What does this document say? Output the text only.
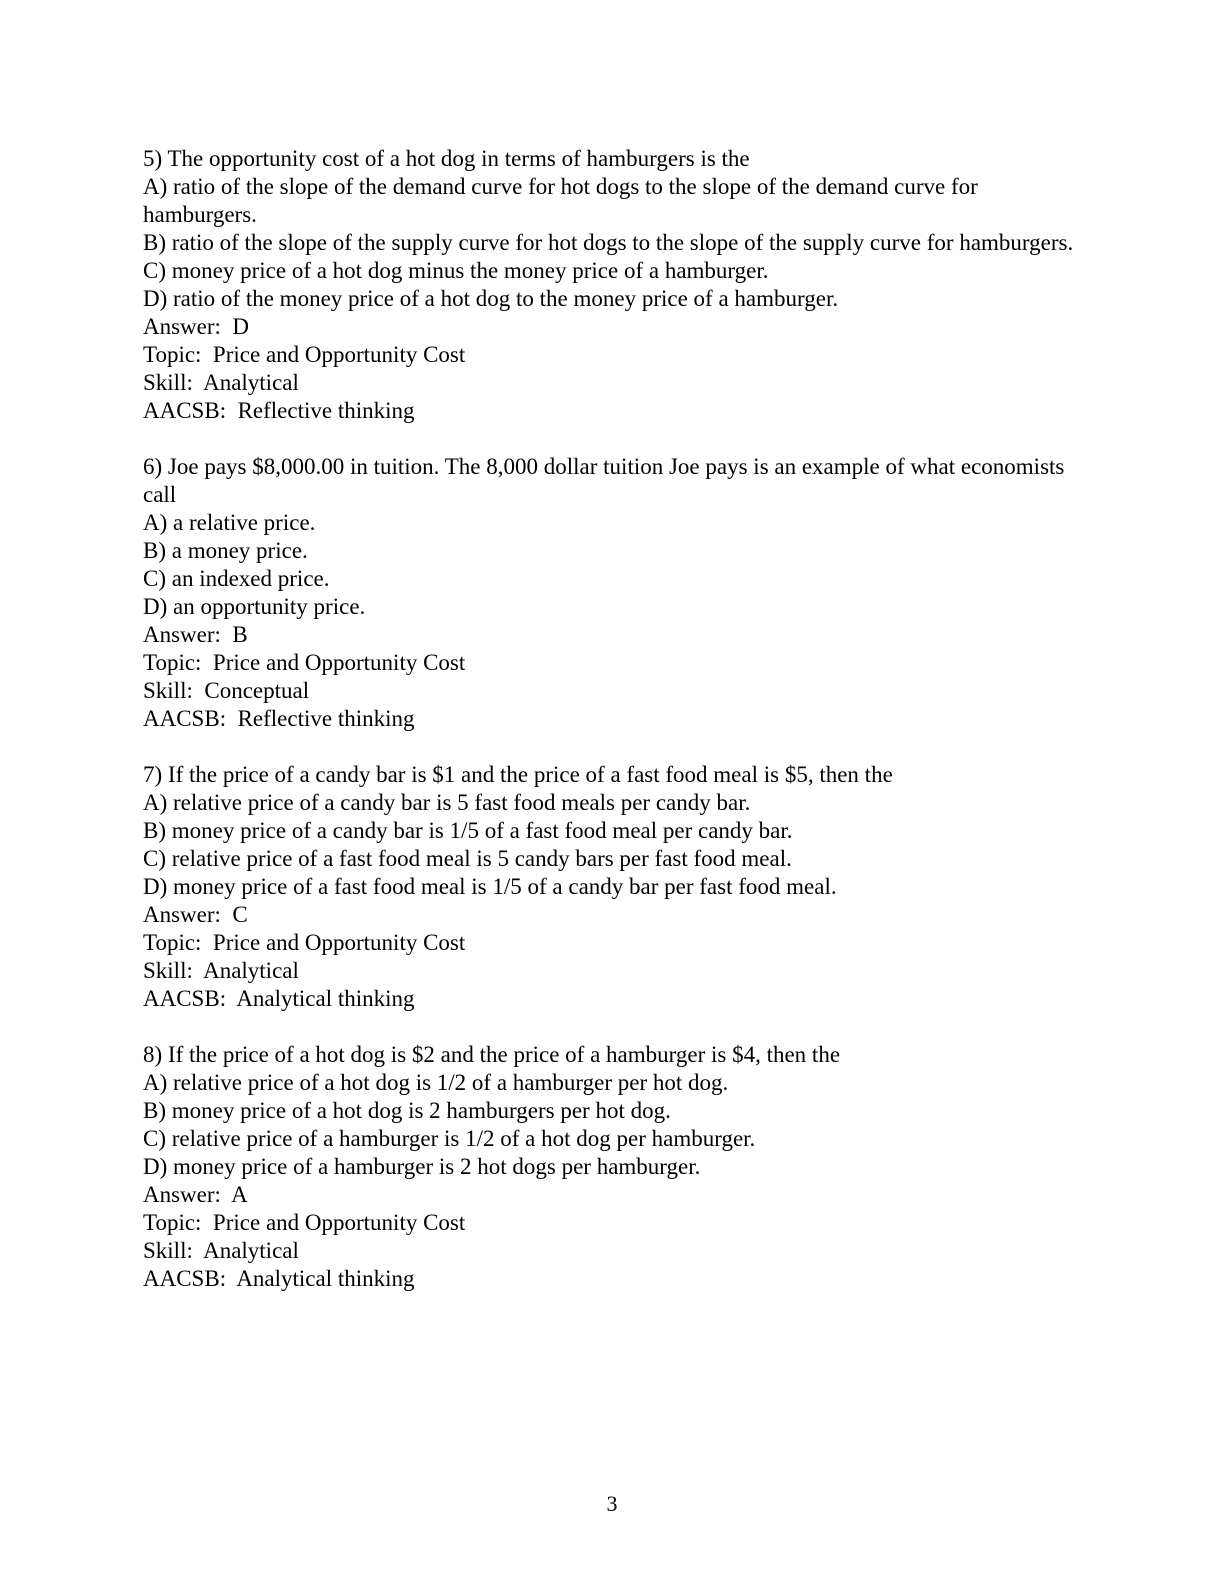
5) The opportunity cost of a hot dog in terms of hamburgers is the

A) ratio of the slope of the demand curve for hot dogs to the slope of the demand curve for hamburgers.

B) ratio of the slope of the supply curve for hot dogs to the slope of the supply curve for hamburgers.

C) money price of a hot dog minus the money price of a hamburger.

D) ratio of the money price of a hot dog to the money price of a hamburger.

Answer:  D

Topic:  Price and Opportunity Cost

Skill:  Analytical

AACSB:  Reflective thinking

6) Joe pays $8,000.00 in tuition. The 8,000 dollar tuition Joe pays is an example of what economists call

A) a relative price.

B) a money price.

C) an indexed price.

D) an opportunity price.

Answer:  B

Topic:  Price and Opportunity Cost

Skill:  Conceptual

AACSB:  Reflective thinking

7) If the price of a candy bar is $1 and the price of a fast food meal is $5, then the

A) relative price of a candy bar is 5 fast food meals per candy bar.

B) money price of a candy bar is 1/5 of a fast food meal per candy bar.

C) relative price of a fast food meal is 5 candy bars per fast food meal.

D) money price of a fast food meal is 1/5 of a candy bar per fast food meal.

Answer:  C

Topic:  Price and Opportunity Cost

Skill:  Analytical

AACSB:  Analytical thinking

8) If the price of a hot dog is $2 and the price of a hamburger is $4, then the

A) relative price of a hot dog is 1/2 of a hamburger per hot dog.

B) money price of a hot dog is 2 hamburgers per hot dog.

C) relative price of a hamburger is 1/2 of a hot dog per hamburger.

D) money price of a hamburger is 2 hot dogs per hamburger.

Answer:  A

Topic:  Price and Opportunity Cost

Skill:  Analytical

AACSB:  Analytical thinking

3
